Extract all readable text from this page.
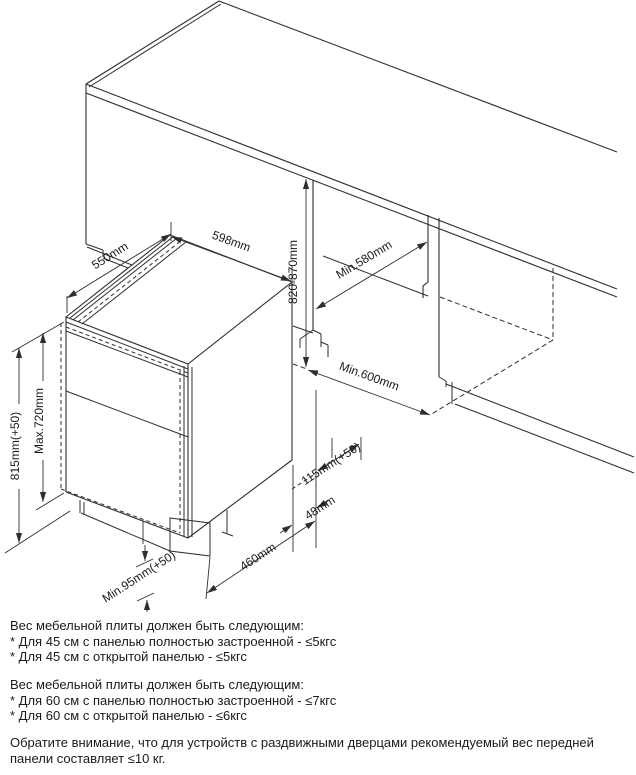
550mm	598mm	820-870mm	Min.580mm
Min.600mm
Max.720mm
815mm(+50)
460mm
48mm
115mm(+50)
Min.95mm(+50)

Вес мебельной плиты должен быть следующим:

* Для 45 см с панелью полностью застроенной - ≤5кгс

* Для 45 см с открытой панелью - ≤5кгс

Вес мебельной плиты должен быть следующим:

* Для 60 см с панелью полностью застроенной - ≤7кгс

* Для 60 см с открытой панелью - ≤6кгс

Обратите внимание, что для устройств с раздвижными дверцами рекомендуемый вес передней панели составляет ≤10 кг.
